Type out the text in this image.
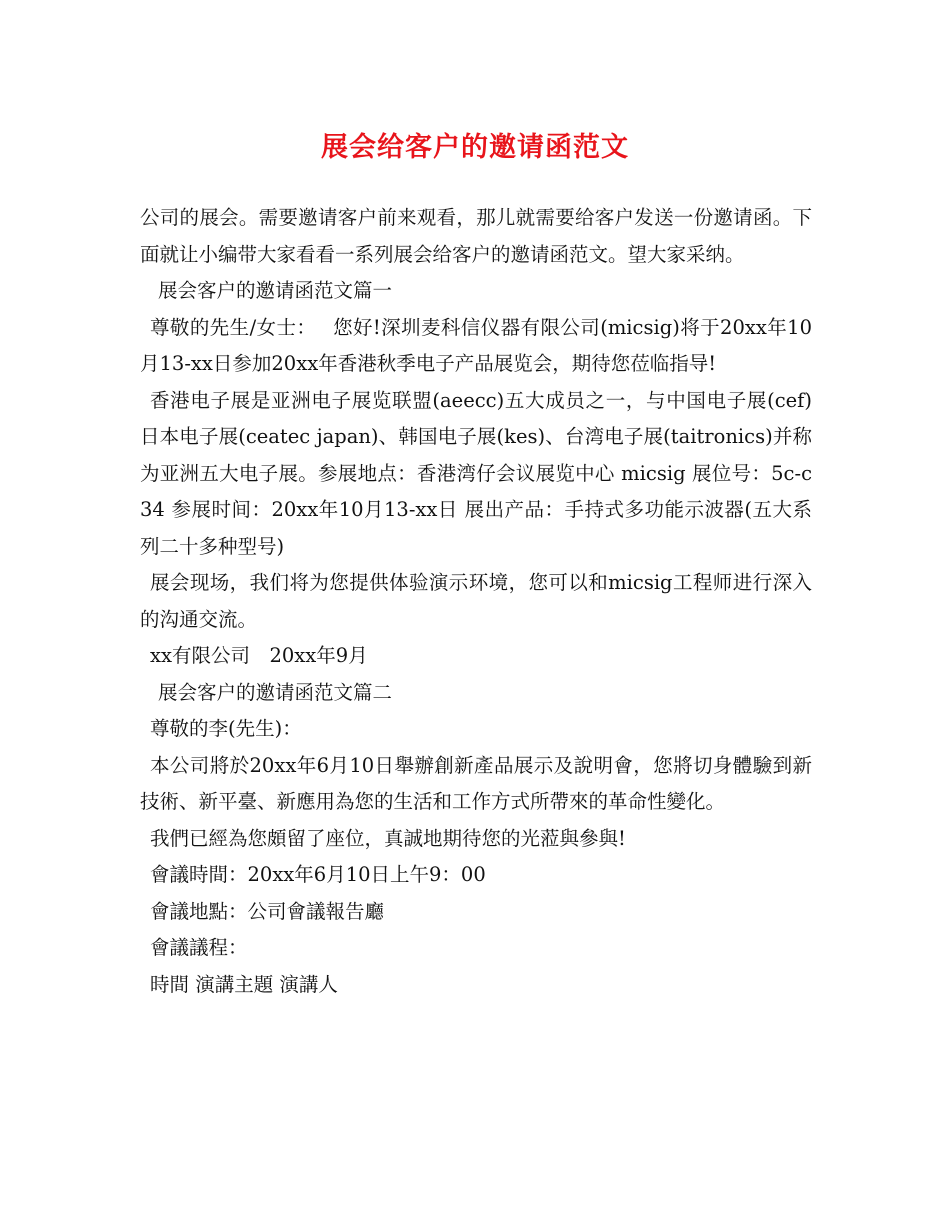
展会给客户的邀请函范文

公司的展会。需要邀请客户前来观看，那儿就需要给客户发送一份邀请函。下面就让小编带大家看看一系列展会给客户的邀请函范文。望大家采纳。

展会客户的邀请函范文篇一

尊敬的先生/女士：　 您好!深圳麦科信仪器有限公司(micsig)将于20xx年10月13-xx日参加20xx年香港秋季电子产品展览会，期待您莅临指导!

香港电子展是亚洲电子展览联盟(aeecc)五大成员之一，与中国电子展(cef)日本电子展(ceatec japan)、韩国电子展(kes)、台湾电子展(taitronics)并称为亚洲五大电子展。参展地点：香港湾仔会议展览中心 micsig 展位号：5c-c34 参展时间：20xx年10月13-xx日 展出产品：手持式多功能示波器(五大系列二十多种型号)

展会现场，我们将为您提供体验演示环境，您可以和micsig工程师进行深入的沟通交流。

xx有限公司　20xx年9月

展会客户的邀请函范文篇二

尊敬的李(先生)：

本公司將於20xx年6月10日舉辦創新產品展示及說明會，您將切身體驗到新技術、新平臺、新應用為您的生活和工作方式所帶來的革命性變化。

我們已經為您頗留了座位，真誠地期待您的光蒞與參與!

會議時間：20xx年6月10日上午9：00

會議地點：公司會議報告廳

會議議程：

時間 演講主題 演講人
